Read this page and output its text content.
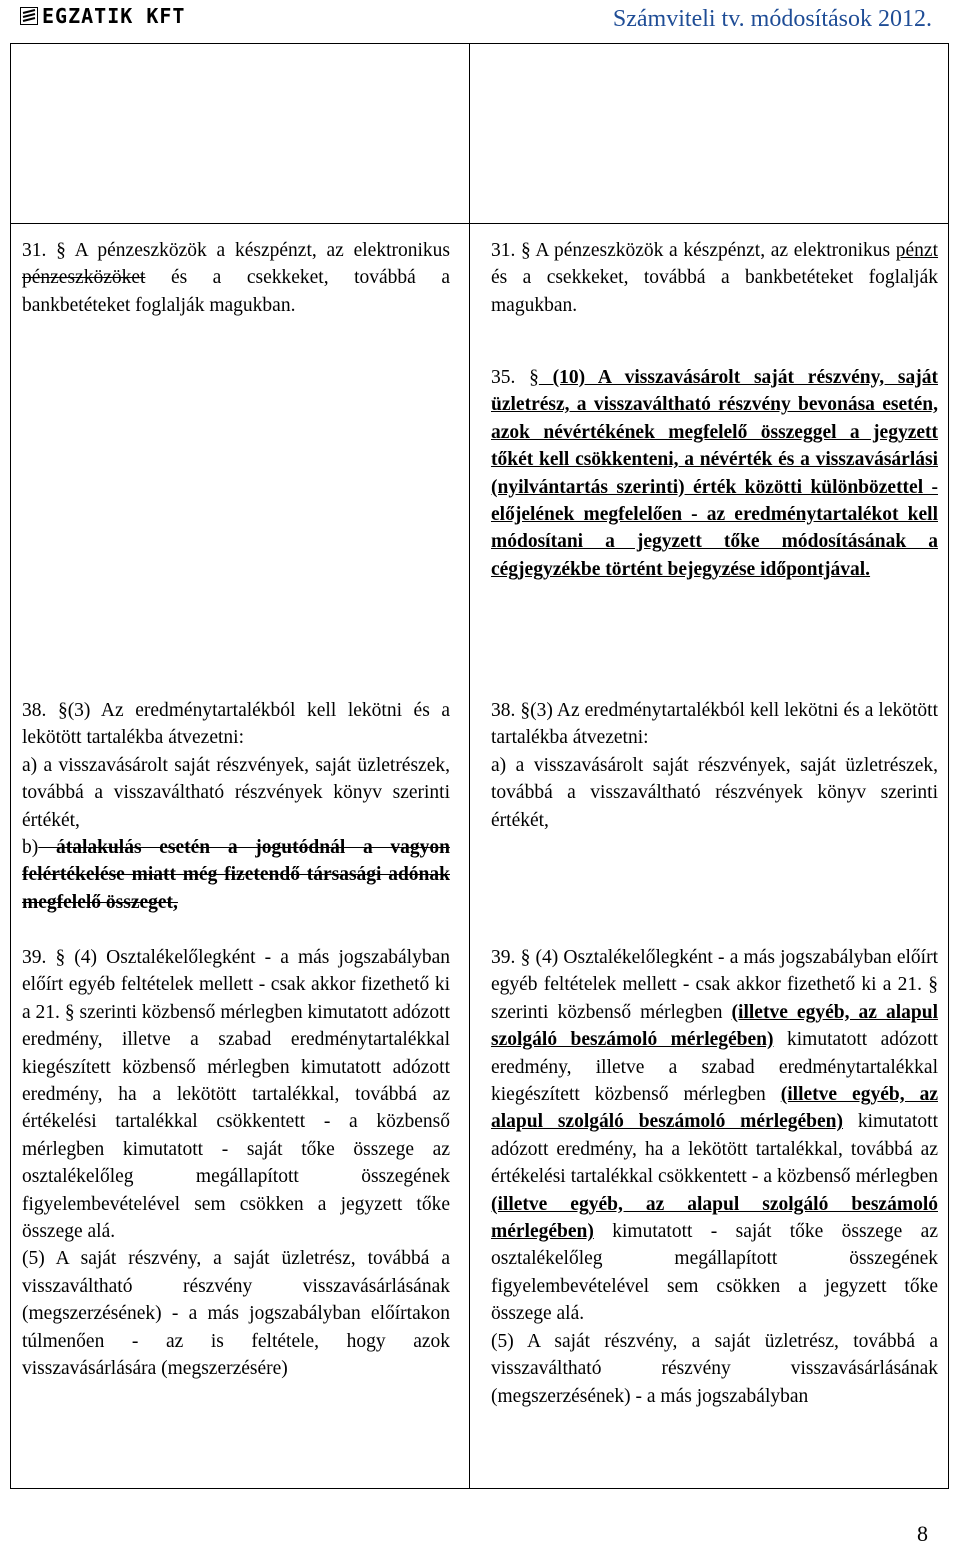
EGZATIK KFT	Számviteli tv. módosítások 2012.

31. § A pénzeszközök a készpénzt, az elektronikus pénzeszközöket és a csekkeket, továbbá a bankbetéteket foglalják magukban.

38. §(3) Az eredménytartalékból kell lekötni és a lekötött tartalékba átvezetni:

a) a visszavásárolt saját részvények, saját üzletrészek, továbbá a visszaváltható részvények könyv szerinti értékét,

b) átalakulás esetén a jogutódnál a vagyon felértékelése miatt még fizetendő társasági adónak megfelelő összeget,

39. § (4) Osztalékelőlegként - a más jogszabályban előírt egyéb feltételek mellett - csak akkor fizethető ki a 21. § szerinti közbenső mérlegben kimutatott adózott eredmény, illetve a szabad eredménytartalékkal kiegészített közbenső mérlegben kimutatott adózott eredmény, ha a lekötött tartalékkal, továbbá az értékelési tartalékkal csökkentett - a közbenső mérlegben kimutatott - saját tőke összege az osztalékelőleg megállapított összegének figyelembevételével sem csökken a jegyzett tőke összege alá.

(5) A saját részvény, a saját üzletrész, továbbá a visszaváltható részvény visszavásárlásának (megszerzésének) - a más jogszabályban előírtakon túlmenően - az is feltétele, hogy azok visszavásárlására (megszerzésére)

31. § A pénzeszközök a készpénzt, az elektronikus pénzt és a csekkeket, továbbá a bankbetéteket foglalják magukban.

35. § (10) A visszavásárolt saját részvény, saját üzletrész, a visszaváltható részvény bevonása esetén, azok névértékének megfelelő összeggel a jegyzett tőkét kell csökkenteni, a névérték és a visszavásárlási (nyilvántartás szerinti) érték közötti különbözettel - előjelének megfelelően - az eredménytartalékot kell módosítani a jegyzett tőke módosításának a cégjegyzékbe történt bejegyzése időpontjával.

38. §(3) Az eredménytartalékból kell lekötni és a lekötött tartalékba átvezetni:

a) a visszavásárolt saját részvények, saját üzletrészek, továbbá a visszaváltható részvények könyv szerinti értékét,

39. § (4) Osztalékelőlegként - a más jogszabályban előírt egyéb feltételek mellett - csak akkor fizethető ki a 21. § szerinti közbenső mérlegben (illetve egyéb, az alapul szolgáló beszámoló mérlegében) kimutatott adózott eredmény, illetve a szabad eredménytartalékkal kiegészített közbenső mérlegben (illetve egyéb, az alapul szolgáló beszámoló mérlegében) kimutatott adózott eredmény, ha a lekötött tartalékkal, továbbá az értékelési tartalékkal csökkentett - a közbenső mérlegben (illetve egyéb, az alapul szolgáló beszámoló mérlegében) kimutatott - saját tőke összege az osztalékelőleg megállapított összegének figyelembevételével sem csökken a jegyzett tőke összege alá.

(5) A saját részvény, a saját üzletrész, továbbá a visszaváltható részvény visszavásárlásának (megszerzésének) - a más jogszabályban

8
